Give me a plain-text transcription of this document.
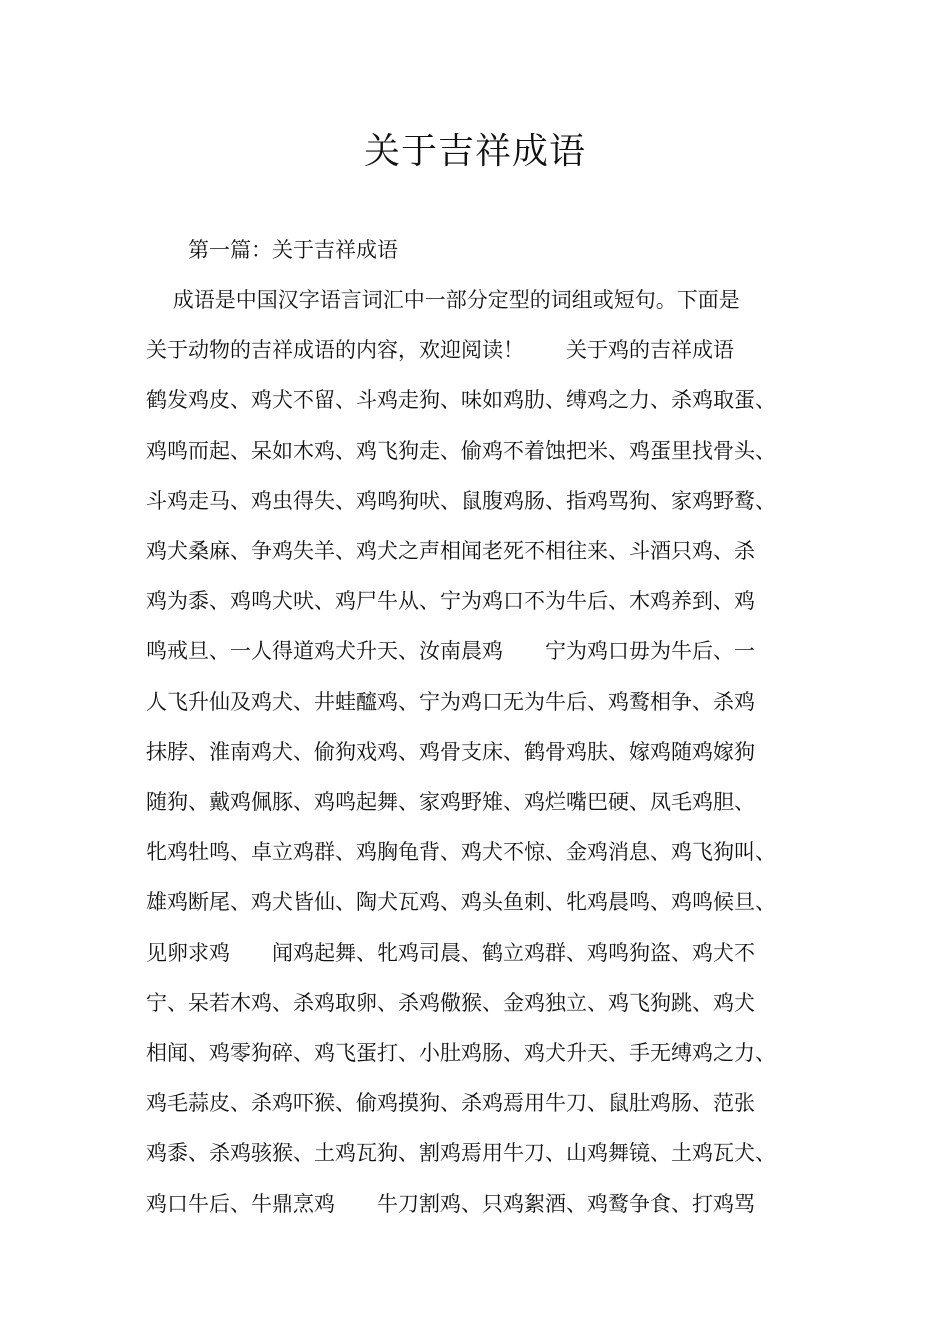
关于吉祥成语

第一篇：关于吉祥成语

成语是中国汉字语言词汇中一部分定型的词组或短句。下面是

关于动物的吉祥成语的内容，欢迎阅读！　　关于鸡的吉祥成语

鹤发鸡皮、鸡犬不留、斗鸡走狗、味如鸡肋、缚鸡之力、杀鸡取蛋、

鸡鸣而起、呆如木鸡、鸡飞狗走、偷鸡不着蚀把米、鸡蛋里找骨头、

斗鸡走马、鸡虫得失、鸡鸣狗吠、鼠腹鸡肠、指鸡骂狗、家鸡野鹜、

鸡犬桑麻、争鸡失羊、鸡犬之声相闻老死不相往来、斗酒只鸡、杀

鸡为黍、鸡鸣犬吠、鸡尸牛从、宁为鸡口不为牛后、木鸡养到、鸡

鸣戒旦、一人得道鸡犬升天、汝南晨鸡　　宁为鸡口毋为牛后、一

人飞升仙及鸡犬、井蛙醯鸡、宁为鸡口无为牛后、鸡鹜相争、杀鸡

抹脖、淮南鸡犬、偷狗戏鸡、鸡骨支床、鹤骨鸡肤、嫁鸡随鸡嫁狗

随狗、戴鸡佩豚、鸡鸣起舞、家鸡野雉、鸡烂嘴巴硬、凤毛鸡胆、

牝鸡牡鸣、卓立鸡群、鸡胸龟背、鸡犬不惊、金鸡消息、鸡飞狗叫、

雄鸡断尾、鸡犬皆仙、陶犬瓦鸡、鸡头鱼刺、牝鸡晨鸣、鸡鸣候旦、

见卵求鸡　　闻鸡起舞、牝鸡司晨、鹤立鸡群、鸡鸣狗盗、鸡犬不

宁、呆若木鸡、杀鸡取卵、杀鸡儆猴、金鸡独立、鸡飞狗跳、鸡犬

相闻、鸡零狗碎、鸡飞蛋打、小肚鸡肠、鸡犬升天、手无缚鸡之力、

鸡毛蒜皮、杀鸡吓猴、偷鸡摸狗、杀鸡焉用牛刀、鼠肚鸡肠、范张

鸡黍、杀鸡骇猴、土鸡瓦狗、割鸡焉用牛刀、山鸡舞镜、土鸡瓦犬、

鸡口牛后、牛鼎烹鸡　　牛刀割鸡、只鸡絮酒、鸡鹜争食、打鸡骂
